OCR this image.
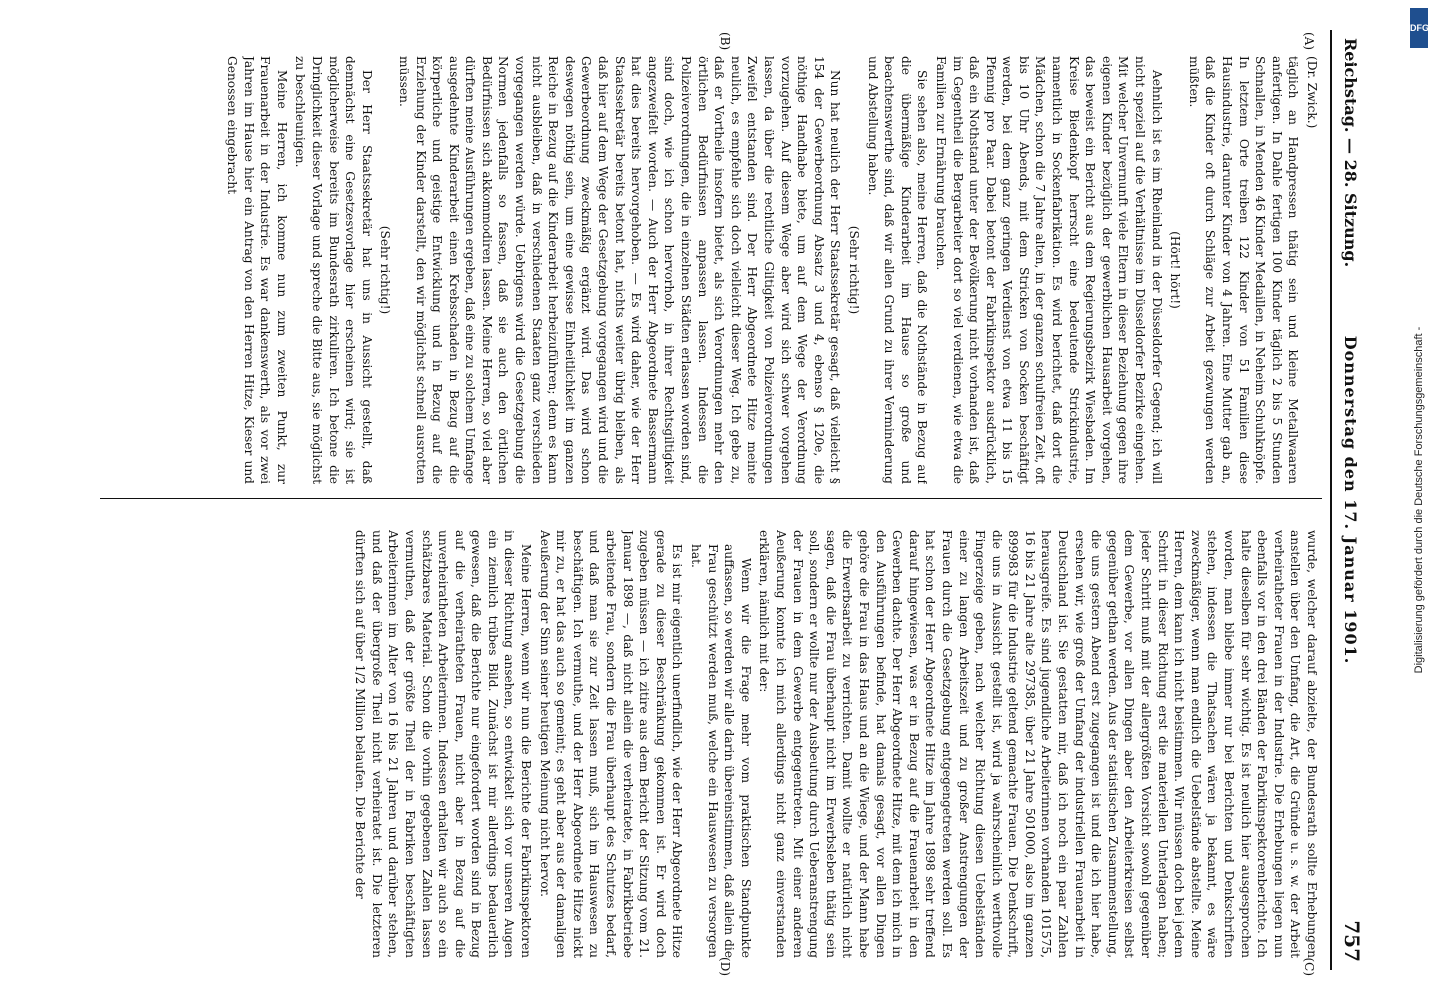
Reichstag. — 28. Sitzung.
Donnerstag den 17. Januar 1901.
757
(A)
(B)
(C)
(D)

(Dr. Zwick.)

täglich an Handpressen thätig sein und kleine Metallwaaren anfertigen. In Dahle fertigen 100 Kinder täglich 2 bis 5 Stunden Schnallen, in Menden 46 Kinder Medaillen, in Neheim Schuhknöpfe. In letztem Orte treiben 122 Kinder von 51 Familien diese Hausindustrie, darunter Kinder von 4 Jahren. Eine Mutter gab an, daß die Kinder oft durch Schläge zur Arbeit gezwungen werden müßten.

(Hört! hört!)

Aehnlich ist es im Rheinland in der Düsseldorfer Gegend; ich will nicht speziell auf die Verhältnisse im Düsseldorfer Bezirke eingehen. Mit welcher Unvernunft viele Eltern in dieser Beziehung gegen ihre eigenen Kinder bezüglich der gewerblichen Hausarbeit vorgehen, das beweist ein Bericht aus dem Regierungsbezirk Wiesbaden. Im Kreise Biedenkopf herrscht eine bedeutende Strickindustrie, namentlich in Sockenfabrikation. Es wird berichtet, daß dort die Mädchen, schon die 7 Jahre alten, in der ganzen schulfreien Zeit, oft bis 10 Uhr Abends, mit dem Stricken von Socken beschäftigt werden, bei dem ganz geringen Verdienst von etwa 11 bis 15 Pfennig pro Paar. Dabei betont der Fabrikinspektor ausdrücklich, daß ein Nothstand unter der Bevölkerung nicht vorhanden ist, daß im Gegentheil die Bergarbeiter dort so viel verdienen, wie etwa die Familien zur Ernährung brauchen.

Sie sehen also, meine Herren, daß die Nothstände in Bezug auf die übermäßige Kinderarbeit im Hause so große und beachtenswerthe sind, daß wir allen Grund zu ihrer Verminderung und Abstellung haben.

(Sehr richtig!)

Nun hat neulich der Herr Staatssekretär gesagt, daß vielleicht § 154 der Gewerbeordnung Absatz 3 und 4, ebenso § 120e, die nöthige Handhabe biete, um auf dem Wege der Verordnung vorzugehen. Auf diesem Wege aber wird sich schwer vorgehen lassen, da über die rechtliche Giltigkeit von Polizeiverordnungen Zweifel entstanden sind. Der Herr Abgeordnete Hitze meinte neulich, es empfehle sich doch vielleicht dieser Weg. Ich gebe zu, daß er Vortheile insofern bietet, als sich Verordnungen mehr den örtlichen Bedürfnissen anpassen lassen. Indessen die Polizeiverordnungen, die in einzelnen Städten erlassen worden sind, sind doch, wie ich schon hervorhob, in ihrer Rechtsgiltigkeit angezweifelt worden. — Auch der Herr Abgeordnete Bassermann hat dies bereits hervorgehoben. — Es wird daher, wie der Herr Staatssekretär bereits betont hat, nichts weiter übrig bleiben, als daß hier auf dem Wege der Gesetzgebung vorgegangen wird und die Gewerbeordnung zweckmäßig ergänzt wird. Das wird schon deswegen nöthig sein, um eine gewisse Einheitlichkeit im ganzen Reiche in Bezug auf die Kinderarbeit herbeizuführen; denn es kann nicht ausbleiben, daß in verschiedenen Staaten ganz verschieden vorgegangen werden würde. Uebrigens wird die Gesetzgebung die Normen jedenfalls so fassen, daß sie auch den örtlichen Bedürfnissen sich akkommodiren lassen. Meine Herren, so viel aber dürften meine Ausführungen ergeben, daß eine zu solchem Umfange ausgedehnte Kinderarbeit einen Krebsschaden in Bezug auf die körperliche und geistige Entwicklung und in Bezug auf die Erziehung der Kinder darstellt, den wir möglichst schnell ausrotten müssen.

(Sehr richtig!)

Der Herr Staatssekretär hat uns in Aussicht gestellt, daß demnächst eine Gesetzesvorlage hier erscheinen wird; sie ist möglicherweise bereits im Bundesrath zirkuliren. Ich betone die Dringlichkeit dieser Vorlage und spreche die Bitte aus, sie möglichst zu beschleunigen.

Meine Herren, ich komme nun zum zweiten Punkt, zur Frauenarbeit in der Industrie. Es war dankenswerth, als vor zwei Jahren im Hause hier ein Antrag von den Herren Hitze, Kieser und Genossen eingebracht

wurde, welcher darauf abzielte, der Bundesrath sollte Erhebungen anstellen über den Umfang, die Art, die Gründe u. s. w. der Arbeit verheiratheter Frauen in der Industrie. Die Erhebungen liegen nun ebenfalls vor in den drei Bänden der Fabrikinspektorenberichte. Ich halte dieselben für sehr wichtig. Es ist neulich hier ausgesprochen worden, man bliebe immer nur bei Berichten und Denkschriften stehen, indessen die Thatsachen wären ja bekannt, es wäre zweckmäßiger, wenn man endlich die Uebelstände abstellte. Meine Herren, dem kann ich nicht beistimmen. Wir müssen doch bei jedem Schritt in dieser Richtung erst die materiellen Unterlagen haben; jeder Schritt muß mit der allergrößten Vorsicht sowohl gegenüber dem Gewerbe, vor allen Dingen aber den Arbeiterkreisen selbst gegenüber gethan werden. Aus der statistischen Zusammenstellung, die uns gestern Abend erst zugegangen ist und die ich hier habe, ersehen wir, wie groß der Umfang der industriellen Frauenarbeit in Deutschland ist. Sie gestatten mir, daß ich noch ein paar Zahlen herausgreife. Es sind jugendliche Arbeiterinnen vorhanden 101575, 16 bis 21 Jahre alte 297385, über 21 Jahre 501000, also im ganzen 899983 für die Industrie geltend gemachte Frauen. Die Denkschrift, die uns in Aussicht gestellt ist, wird ja wahrscheinlich werthvolle Fingerzeige geben, nach welcher Richtung diesen Uebelständen einer zu langen Arbeitszeit und zu großer Anstrengungen der Frauen durch die Gesetzgebung entgegengetreten werden soll. Es hat schon der Herr Abgeordnete Hitze im Jahre 1898 sehr treffend darauf hingewiesen, was er in Bezug auf die Frauenarbeit in den Gewerben dachte. Der Herr Abgeordnete Hitze, mit dem ich mich in den Ausführungen befinde, hat damals gesagt, vor allen Dingen gehöre die Frau in das Haus und an die Wiege, und der Mann habe die Erwerbsarbeit zu verrichten. Damit wollte er natürlich nicht sagen, daß die Frau überhaupt nicht im Erwerbsleben thätig sein soll, sondern er wollte nur der Ausbeutung durch Ueberanstrengung der Frauen in dem Gewerbe entgegentreten. Mit einer anderen Aeußerung konnte ich mich allerdings nicht ganz einverstanden erklären, nämlich mit der:

Wenn wir die Frage mehr vom praktischen Standpunkte auffassen, so werden wir alle darin übereinstimmen, daß allein die Frau geschützt werden muß, welche ein Hauswesen zu versorgen hat.

Es ist mir eigentlich unerfindlich, wie der Herr Abgeordnete Hitze gerade zu dieser Beschränkung gekommen ist. Er wird doch zugeben müssen — ich zitire aus dem Bericht der Sitzung vom 21. Januar 1898 —, daß nicht allein die verheiratete, in Fabrikbetriebe arbeitende Frau, sondern die Frau überhaupt des Schutzes bedarf, und daß man sie zur Zeit lassen muß, sich im Hauswesen zu beschäftigen. Ich vermuthe, und der Herr Abgeordnete Hitze nickt mir zu, er hat das auch so gemeint; es geht aber aus der damaligen Aeußerung der Sinn seiner heutigen Meinung nicht hervor.

Meine Herren, wenn wir nun die Berichte der Fabrikinspektoren in dieser Richtung ansehen, so entwickelt sich vor unseren Augen ein ziemlich trübes Bild. Zunächst ist mir allerdings bedauerlich gewesen, daß die Berichte nur eingefordert worden sind in Bezug auf die verheiratheten Frauen, nicht aber in Bezug auf die unverheiratheten Arbeiterinnen. Indessen erhalten wir auch so ein schätzbares Material. Schon die vorhin gegebenen Zahlen lassen vermuthen, daß der größte Theil der in Fabriken beschäftigten Arbeiterinnen im Alter von 16 bis 21 Jahren und darüber stehen, und daß der übergroße Theil nicht verheiratet ist. Die letzteren dürften sich auf über 1/2 Million belaufen. Die Berichte der

DFG
Digitalisierung gefördert durch die Deutsche Forschungsgemeinschaft -
